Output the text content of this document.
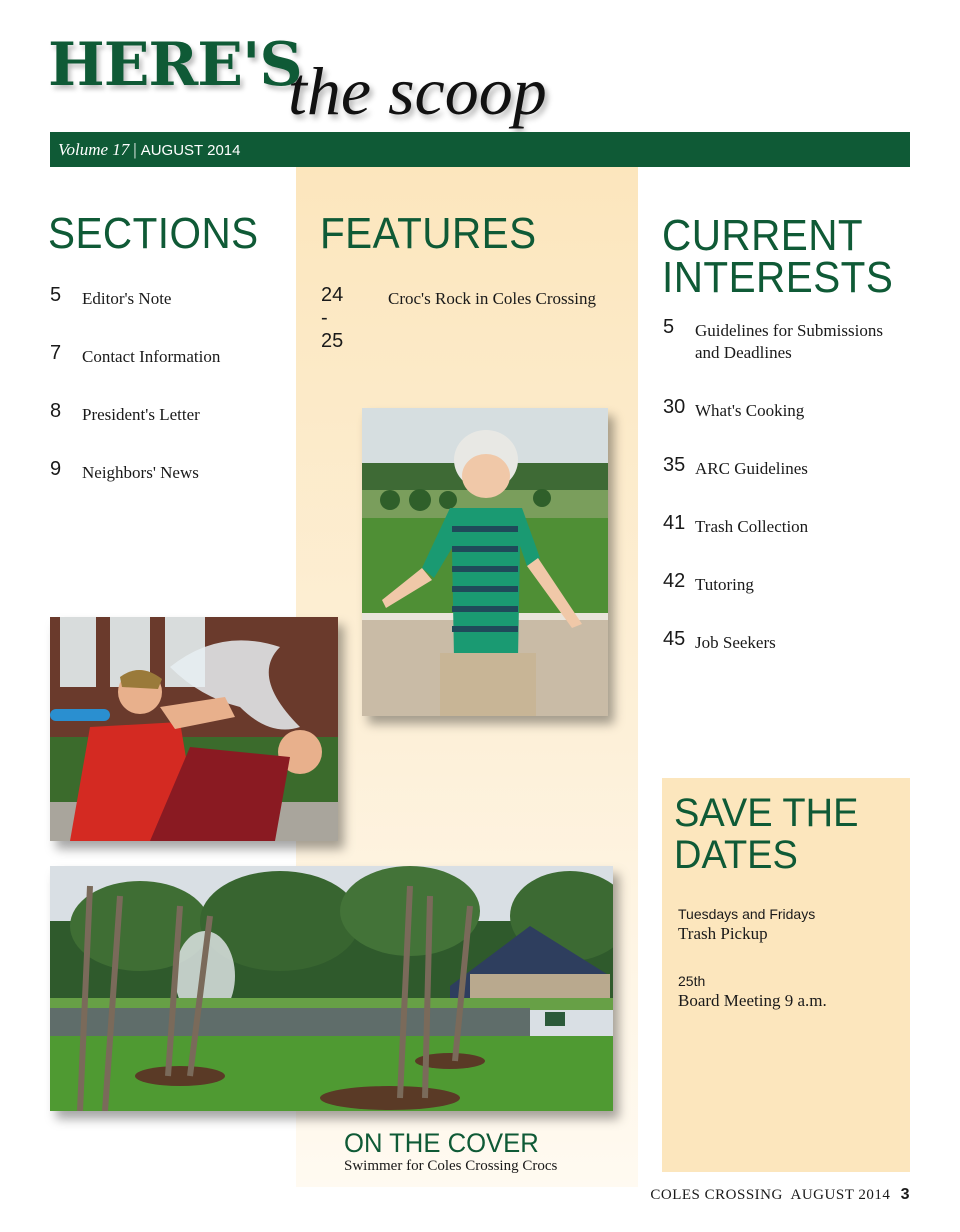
HERE'S
the scoop
Volume 17 | AUGUST 2014
SECTIONS
5 Editor's Note
7 Contact Information
8 President's Letter
9 Neighbors' News
FEATURES
24 - 25
Croc's Rock in Coles Crossing
CURRENT
INTERESTS
5 Guidelines for Submissions
and Deadlines
30 What's Cooking
35 ARC Guidelines
41 Trash Collection
42 Tutoring
45 Job Seekers
SAVE THE
DATES
Tuesdays and Fridays
Trash Pickup
25th
Board Meeting 9 a.m.
ON THE COVER
Swimmer for Coles Crossing Crocs
COLES CROSSING AUGUST 2014 3
